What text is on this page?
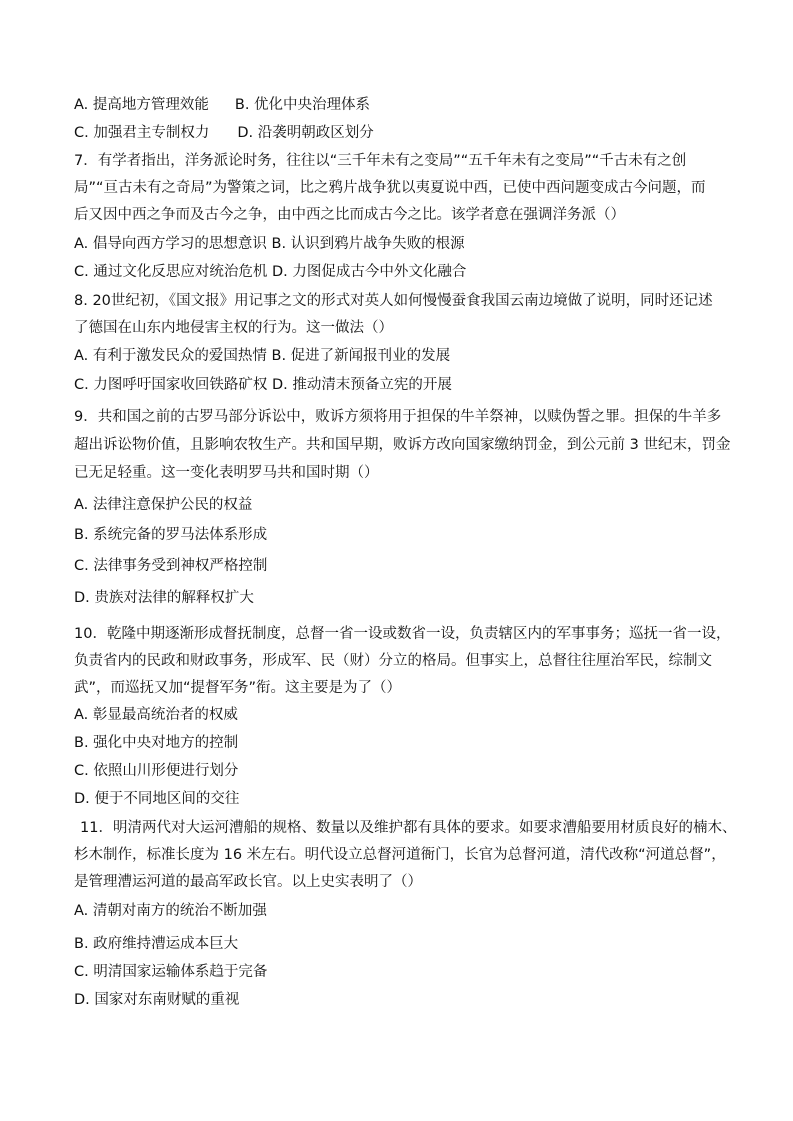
A. 提高地方管理效能 B. 优化中央治理体系
C. 加强君主专制权力 D. 沿袭明朝政区划分
7．有学者指出，洋务派论时务，往往以“三千年未有之变局”“五千年未有之变局”“千古未有之创
局”“亘古未有之奇局”为警策之词，比之鸦片战争犹以夷夏说中西，已使中西问题变成古今问题，而
后又因中西之争而及古今之争，由中西之比而成古今之比。该学者意在强调洋务派（）
A. 倡导向西方学习的思想意识 B. 认识到鸦片战争失败的根源
C. 通过文化反思应对统治危机 D. 力图促成古今中外文化融合
8. 20世纪初，《国文报》用记事之文的形式对英人如何慢慢蚕食我国云南边境做了说明，同时还记述
了德国在山东内地侵害主权的行为。这一做法（）
A. 有利于激发民众的爱国热情 B. 促进了新闻报刊业的发展
C. 力图呼吁国家收回铁路矿权 D. 推动清末预备立宪的开展
9．共和国之前的古罗马部分诉讼中，败诉方须将用于担保的牛羊祭神，以赎伪誓之罪。担保的牛羊多
超出诉讼物价值，且影响农牧生产。共和国早期，败诉方改向国家缴纳罚金，到公元前 3 世纪末，罚金
已无足轻重。这一变化表明罗马共和国时期（）
A. 法律注意保护公民的权益
B. 系统完备的罗马法体系形成
C. 法律事务受到神权严格控制
D. 贵族对法律的解释权扩大
10．乾隆中期逐渐形成督抚制度，总督一省一设或数省一设，负责辖区内的军事事务；巡抚一省一设，
负责省内的民政和财政事务，形成军、民（财）分立的格局。但事实上，总督往往厘治军民，综制文
武”，而巡抚又加“提督军务”衔。这主要是为了（）
A. 彰显最高统治者的权威
B. 强化中央对地方的控制
C. 依照山川形便进行划分
D. 便于不同地区间的交往
11．明清两代对大运河漕船的规格、数量以及维护都有具体的要求。如要求漕船要用材质良好的楠木、
杉木制作，标准长度为 16 米左右。明代设立总督河道衙门，长官为总督河道，清代改称“河道总督”，
是管理漕运河道的最高军政长官。以上史实表明了（）
A. 清朝对南方的统治不断加强
B. 政府维持漕运成本巨大
C. 明清国家运输体系趋于完备
D. 国家对东南财赋的重视
